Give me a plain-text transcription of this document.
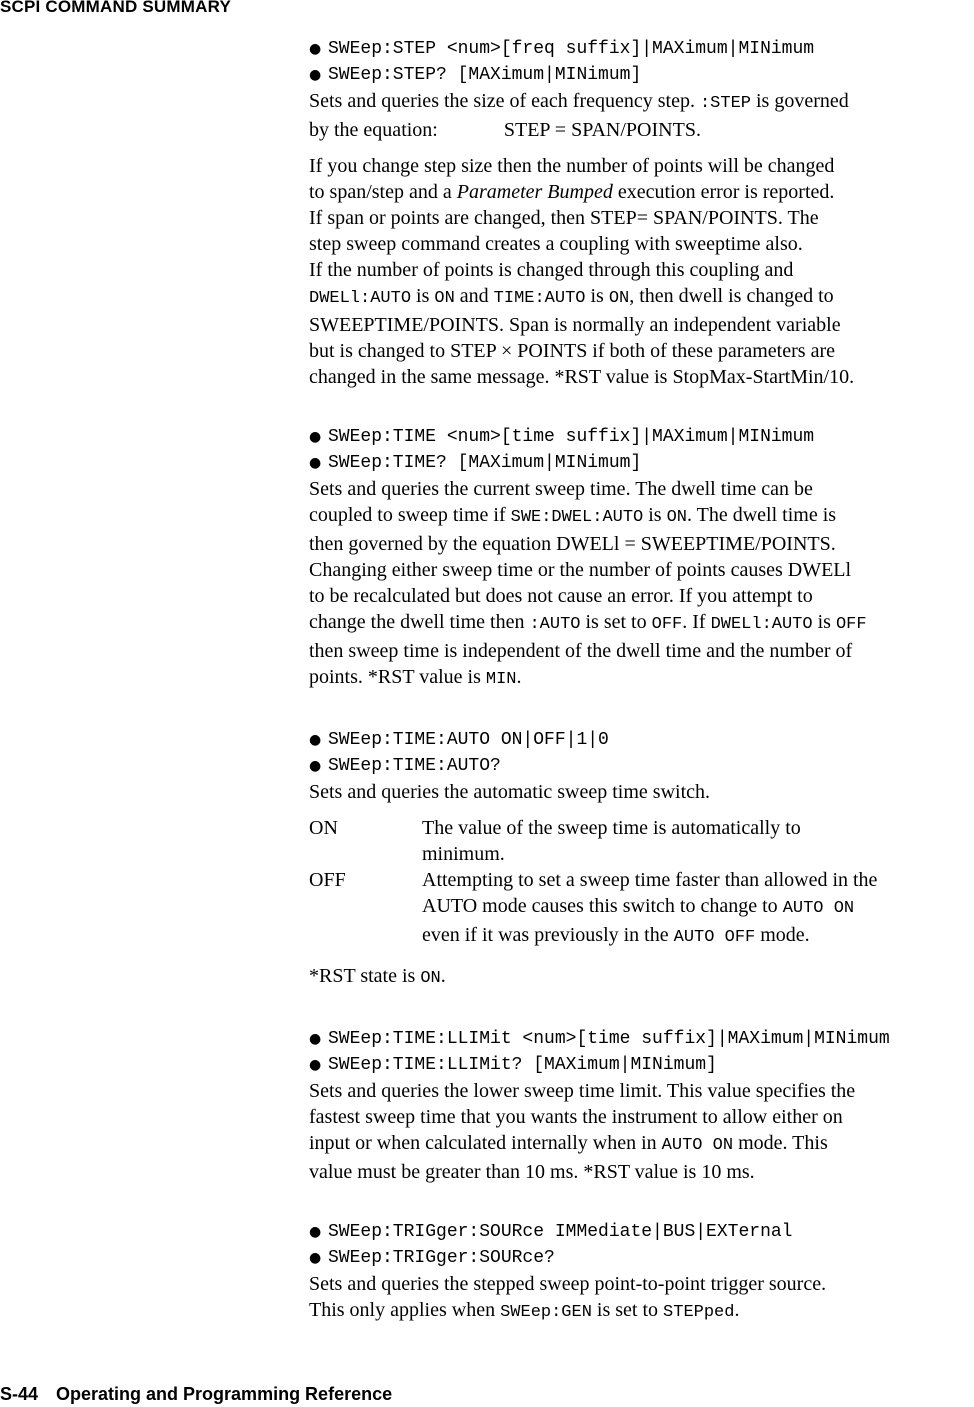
SCPI COMMAND SUMMARY
● SWEep:STEP <num>[freq suffix]|MAXimum|MINimum
● SWEep:STEP? [MAXimum|MINimum]

Sets and queries the size of each frequency step. :STEP is governed
by the equation:	STEP = SPAN/POINTS.

If you change step size then the number of points will be changed
to span/step and a Parameter Bumped execution error is reported.
If span or points are changed, then STEP= SPAN/POINTS. The
step sweep command creates a coupling with sweeptime also.
If the number of points is changed through this coupling and
DWELl:AUTO is ON and TIME:AUTO is ON, then dwell is changed to
SWEEPTIME/POINTS. Span is normally an independent variable
but is changed to STEP × POINTS if both of these parameters are
changed in the same message. *RST value is StopMax-StartMin/10.

● SWEep:TIME <num>[time suffix]|MAXimum|MINimum
● SWEep:TIME? [MAXimum|MINimum]

Sets and queries the current sweep time. The dwell time can be
coupled to sweep time if SWE:DWEL:AUTO is ON. The dwell time is
then governed by the equation DWELl = SWEEPTIME/POINTS.
Changing either sweep time or the number of points causes DWELl
to be recalculated but does not cause an error. If you attempt to
change the dwell time then :AUTO is set to OFF. If DWELl:AUTO is OFF
then sweep time is independent of the dwell time and the number of
points. *RST value is MIN.

● SWEep:TIME:AUTO ON|OFF|1|0
● SWEep:TIME:AUTO?

Sets and queries the automatic sweep time switch.

ON	The value of the sweep time is automatically to
minimum.
OFF	Attempting to set a sweep time faster than allowed in the
AUTO mode causes this switch to change to AUTO ON
even if it was previously in the AUTO OFF mode.

*RST state is ON.

● SWEep:TIME:LLIMit <num>[time suffix]|MAXimum|MINimum
● SWEep:TIME:LLIMit? [MAXimum|MINimum]

Sets and queries the lower sweep time limit. This value specifies the
fastest sweep time that you wants the instrument to allow either on
input or when calculated internally when in AUTO ON mode. This
value must be greater than 10 ms. *RST value is 10 ms.

● SWEep:TRIGger:SOURce IMMediate|BUS|EXTernal
● SWEep:TRIGger:SOURce?

Sets and queries the stepped sweep point-to-point trigger source.
This only applies when SWEep:GEN is set to STEPped.

S-44 Operating and Programming Reference
